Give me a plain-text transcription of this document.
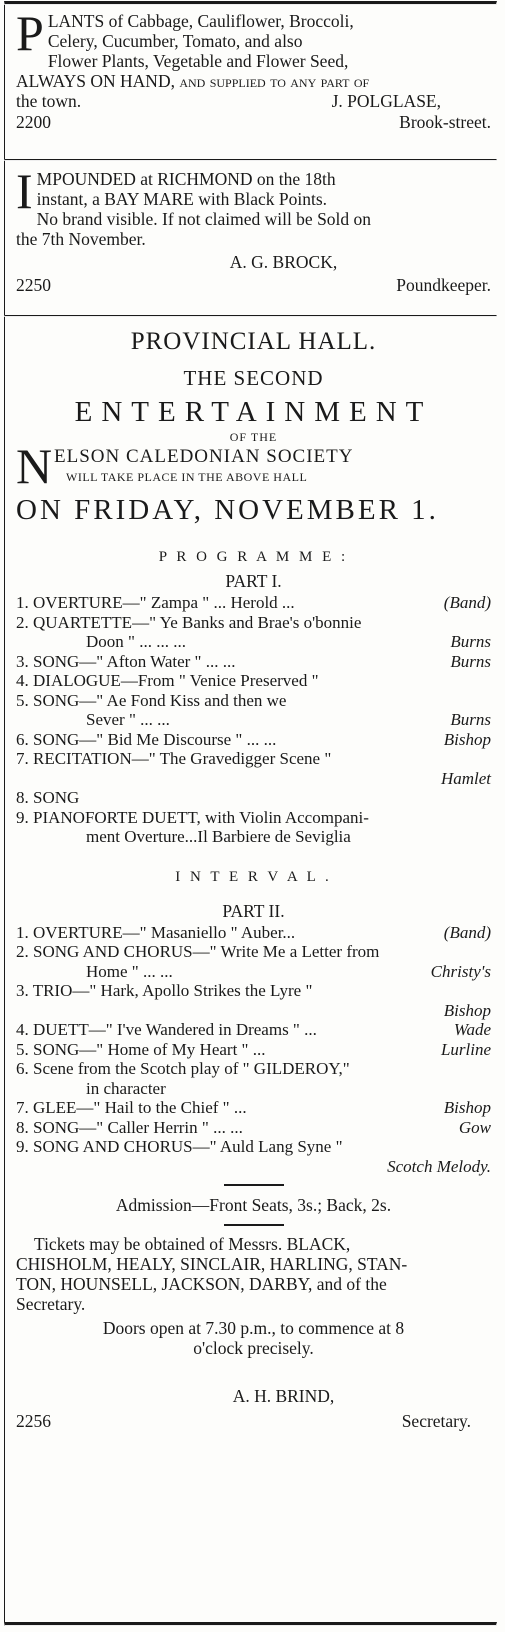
P LANTS of Cabbage, Cauliflower, Broccoli,

Celery, Cucumber, Tomato, and also

Flower Plants, Vegetable and Flower Seed,

ALWAYS ON HAND, and supplied to any part of

the town.	J. POLGLASE,
2200	Brook-street.
I MPOUNDED at RICHMOND on the 18th

instant, a BAY MARE with Black Points.

No brand visible. If not claimed will be Sold on

the 7th November.

A. G. BROCK,
2250	Poundkeeper.
PROVINCIAL HALL.
THE SECOND
ENTERTAINMENT
OF THE
N ELSON CALEDONIAN SOCIETY
WILL TAKE PLACE IN THE ABOVE HALL
ON FRIDAY, NOVEMBER 1.
P R O G R A M M E :
PART I.
1. OVERTURE—" Zampa " ... Herold ...	(Band)
2. QUARTETTE—" Ye Banks and Brae's o'bonnie
Doon " ... ... ...	Burns
3. SONG—" Afton Water " ... ...	Burns
4. DIALOGUE—From " Venice Preserved "
5. SONG—" Ae Fond Kiss and then we
Sever " ... ...	Burns
6. SONG—" Bid Me Discourse " ... ...	Bishop
7. RECITATION—" The Gravedigger Scene "
Hamlet
8. SONG
9. PIANOFORTE DUETT, with Violin Accompani-
ment Overture...Il Barbiere de Seviglia
I N T E R V A L .
PART II.
1. OVERTURE—" Masaniello " Auber...	(Band)
2. SONG AND CHORUS—" Write Me a Letter from
Home " ... ...	Christy's
3. TRIO—" Hark, Apollo Strikes the Lyre "
Bishop
4. DUETT—" I've Wandered in Dreams " ...	Wade
5. SONG—" Home of My Heart " ...	Lurline
6. Scene from the Scotch play of " GILDEROY,"
in character
7. GLEE—" Hail to the Chief " ...	Bishop
8. SONG—" Caller Herrin " ... ...	Gow
9. SONG AND CHORUS—" Auld Lang Syne "
Scotch Melody.
Admission—Front Seats, 3s.; Back, 2s.

Tickets may be obtained of Messrs. BLACK,

CHISHOLM, HEALY, SINCLAIR, HARLING, STAN-

TON, HOUNSELL, JACKSON, DARBY, and of the

Secretary.

Doors open at 7.30 p.m., to commence at 8
o'clock precisely.
A. H. BRIND,
2256	Secretary.
